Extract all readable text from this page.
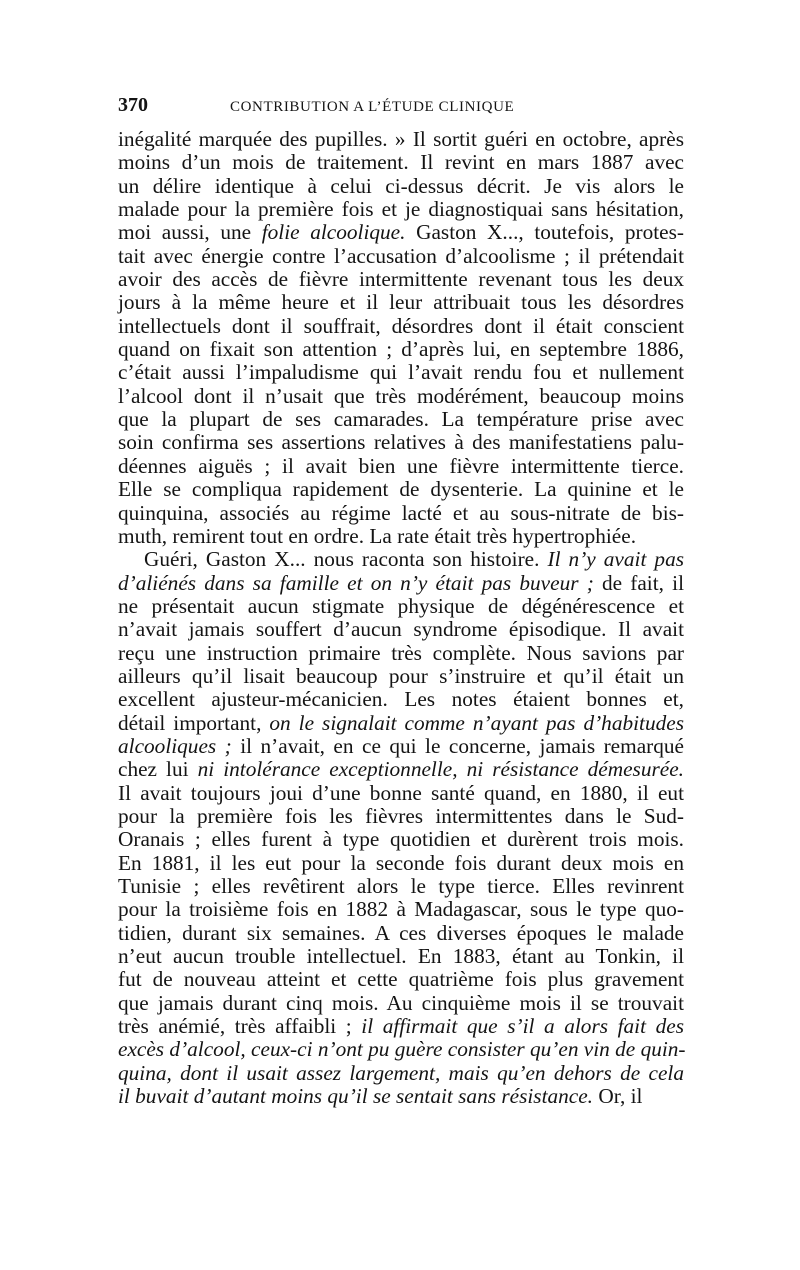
370	CONTRIBUTION A L’ÉTUDE CLINIQUE
inégalité marquée des pupilles. » Il sortit guéri en octobre, après
moins d’un mois de traitement. Il revint en mars 1887 avec
un délire identique à celui ci-dessus décrit. Je vis alors le
malade pour la première fois et je diagnostiquai sans hésitation,
moi aussi, une folie alcoolique. Gaston X..., toutefois, protes-
tait avec énergie contre l’accusation d’alcoolisme ; il prétendait
avoir des accès de fièvre intermittente revenant tous les deux
jours à la même heure et il leur attribuait tous les désordres
intellectuels dont il souffrait, désordres dont il était conscient
quand on fixait son attention ; d’après lui, en septembre 1886,
c’était aussi l’impaludisme qui l’avait rendu fou et nullement
l’alcool dont il n’usait que très modérément, beaucoup moins
que la plupart de ses camarades. La température prise avec
soin confirma ses assertions relatives à des manifestatiens palu-
déennes aiguës ; il avait bien une fièvre intermittente tierce.
Elle se compliqua rapidement de dysenterie. La quinine et le
quinquina, associés au régime lacté et au sous-nitrate de bis-
muth, remirent tout en ordre. La rate était très hypertrophiée.
Guéri, Gaston X... nous raconta son histoire. Il n’y avait pas
d’aliénés dans sa famille et on n’y était pas buveur ; de fait, il
ne présentait aucun stigmate physique de dégénérescence et
n’avait jamais souffert d’aucun syndrome épisodique. Il avait
reçu une instruction primaire très complète. Nous savions par
ailleurs qu’il lisait beaucoup pour s’instruire et qu’il était un
excellent ajusteur-mécanicien. Les notes étaient bonnes et,
détail important, on le signalait comme n’ayant pas d’habitudes
alcooliques ; il n’avait, en ce qui le concerne, jamais remarqué
chez lui ni intolérance exceptionnelle, ni résistance démesurée.
Il avait toujours joui d’une bonne santé quand, en 1880, il eut
pour la première fois les fièvres intermittentes dans le Sud-
Oranais ; elles furent à type quotidien et durèrent trois mois.
En 1881, il les eut pour la seconde fois durant deux mois en
Tunisie ; elles revêtirent alors le type tierce. Elles revinrent
pour la troisième fois en 1882 à Madagascar, sous le type quo-
tidien, durant six semaines. A ces diverses époques le malade
n’eut aucun trouble intellectuel. En 1883, étant au Tonkin, il
fut de nouveau atteint et cette quatrième fois plus gravement
que jamais durant cinq mois. Au cinquième mois il se trouvait
très anémié, très affaibli ; il affirmait que s’il a alors fait des
excès d’alcool, ceux-ci n’ont pu guère consister qu’en vin de quin-
quina, dont il usait assez largement, mais qu’en dehors de cela
il buvait d’autant moins qu’il se sentait sans résistance. Or, il
